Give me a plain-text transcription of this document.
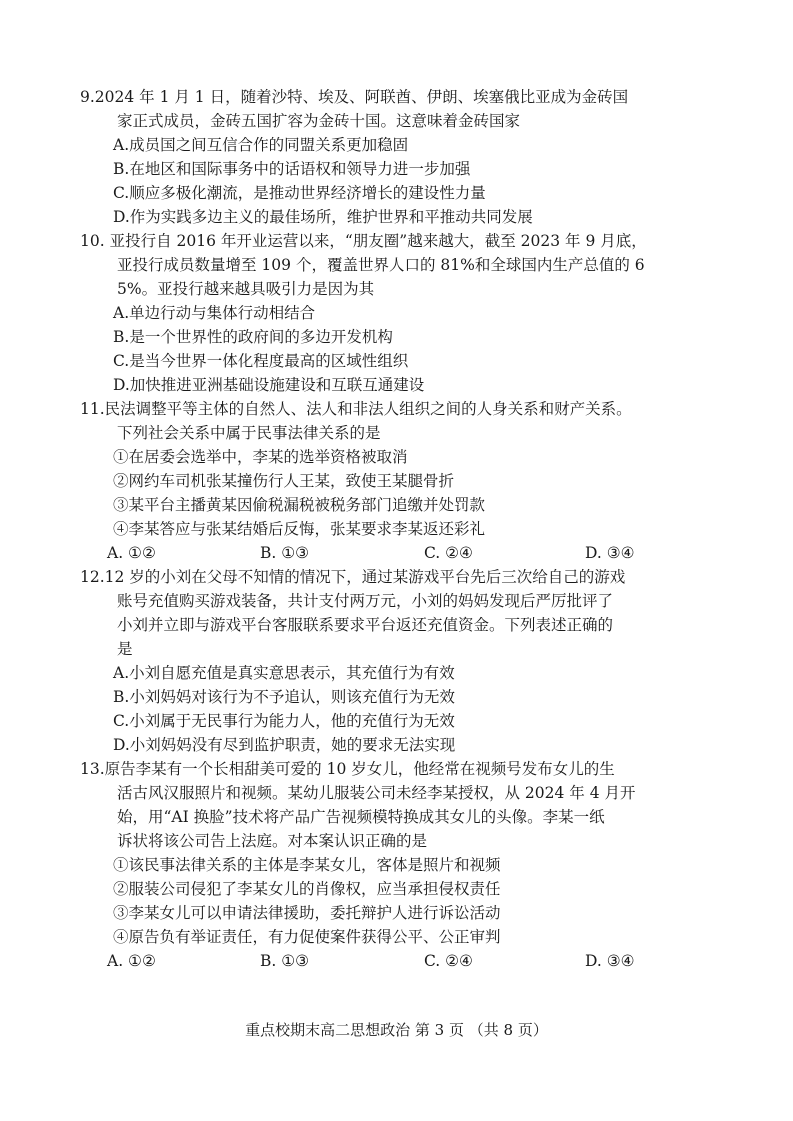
9.2024 年 1 月 1 日，随着沙特、埃及、阿联酋、伊朗、埃塞俄比亚成为金砖国
家正式成员，金砖五国扩容为金砖十国。这意味着金砖国家
A.成员国之间互信合作的同盟关系更加稳固
B.在地区和国际事务中的话语权和领导力进一步加强
C.顺应多极化潮流，是推动世界经济增长的建设性力量
D.作为实践多边主义的最佳场所，维护世界和平推动共同发展
10. 亚投行自 2016 年开业运营以来，“朋友圈”越来越大，截至 2023 年 9 月底，
亚投行成员数量增至 109 个，覆盖世界人口的 81%和全球国内生产总值的 6
5%。亚投行越来越具吸引力是因为其
A.单边行动与集体行动相结合
B.是一个世界性的政府间的多边开发机构
C.是当今世界一体化程度最高的区域性组织
D.加快推进亚洲基础设施建设和互联互通建设
11.民法调整平等主体的自然人、法人和非法人组织之间的人身关系和财产关系。
下列社会关系中属于民事法律关系的是
①在居委会选举中，李某的选举资格被取消
②网约车司机张某撞伤行人王某，致使王某腿骨折
③某平台主播黄某因偷税漏税被税务部门追缴并处罚款
④李某答应与张某结婚后反悔，张某要求李某返还彩礼
A. ①②	B. ①③	C. ②④	D. ③④
12.12 岁的小刘在父母不知情的情况下，通过某游戏平台先后三次给自己的游戏
账号充值购买游戏装备，共计支付两万元，小刘的妈妈发现后严厉批评了
小刘并立即与游戏平台客服联系要求平台返还充值资金。下列表述正确的
是
A.小刘自愿充值是真实意思表示，其充值行为有效
B.小刘妈妈对该行为不予追认，则该充值行为无效
C.小刘属于无民事行为能力人，他的充值行为无效
D.小刘妈妈没有尽到监护职责，她的要求无法实现
13.原告李某有一个长相甜美可爱的 10 岁女儿，他经常在视频号发布女儿的生
活古风汉服照片和视频。某幼儿服装公司未经李某授权，从 2024 年 4 月开
始，用“AI 换脸”技术将产品广告视频模特换成其女儿的头像。李某一纸
诉状将该公司告上法庭。对本案认识正确的是
①该民事法律关系的主体是李某女儿，客体是照片和视频
②服装公司侵犯了李某女儿的肖像权，应当承担侵权责任
③李某女儿可以申请法律援助，委托辩护人进行诉讼活动
④原告负有举证责任，有力促使案件获得公平、公正审判
A. ①②	B. ①③	C. ②④	D. ③④
重点校期末高二思想政治 第 3 页 （共 8 页）
